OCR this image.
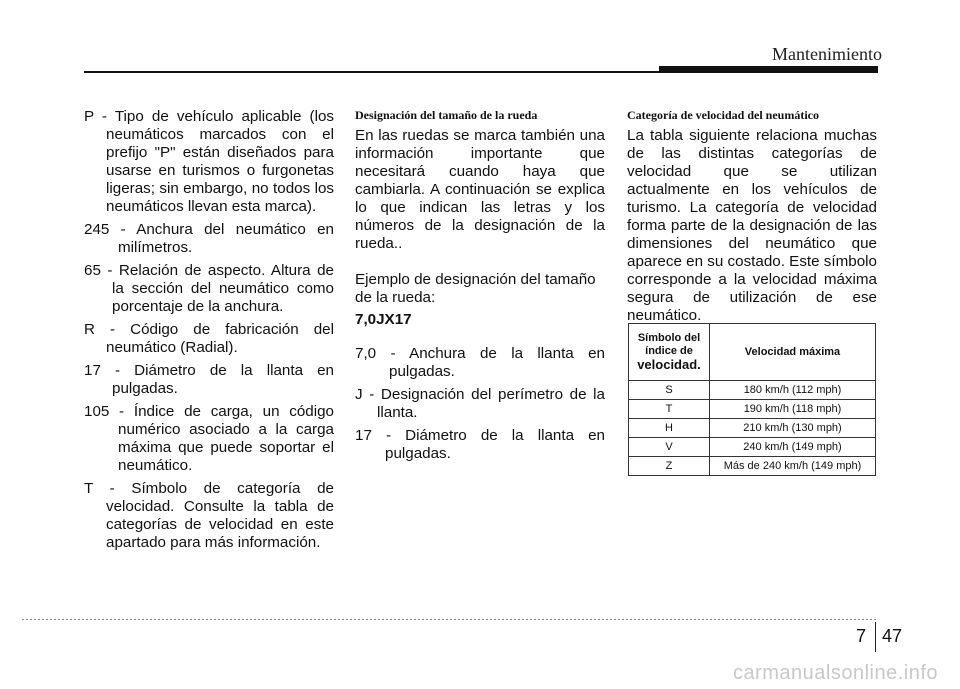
Mantenimiento
P - Tipo de vehículo aplicable (los neumáticos marcados con el prefijo "P" están diseñados para usarse en turismos o furgonetas ligeras; sin embargo, no todos los neumáticos llevan esta marca).
245 - Anchura del neumático en milímetros.
65 - Relación de aspecto. Altura de la sección del neumático como porcentaje de la anchura.
R - Código de fabricación del neumático (Radial).
17 - Diámetro de la llanta en pulgadas.
105 - Índice de carga, un código numérico asociado a la carga máxima que puede soportar el neumático.
T - Símbolo de categoría de velocidad. Consulte la tabla de categorías de velocidad en este apartado para más información.
Designación del tamaño de la rueda
En las ruedas se marca también una información importante que necesitará cuando haya que cambiarla. A continuación se explica lo que indican las letras y los números de la designación de la rueda..
Ejemplo de designación del tamaño de la rueda:
7,0JX17
7,0 - Anchura de la llanta en pulgadas.
J - Designación del perímetro de la llanta.
17 - Diámetro de la llanta en pulgadas.
Categoría de velocidad del neumático
La tabla siguiente relaciona muchas de las distintas categorías de velocidad que se utilizan actualmente en los vehículos de turismo. La categoría de velocidad forma parte de la designación de las dimensiones del neumático que aparece en su costado. Este símbolo corresponde a la velocidad máxima segura de utilización de ese neumático.
Símbolo del
índice de
velocidad.	Velocidad máxima
S	180 km/h (112 mph)
T	190 km/h (118 mph)
H	210 km/h (130 mph)
V	240 km/h (149 mph)
Z	Más de 240 km/h (149 mph)
7 47
carmanualsonline.info
